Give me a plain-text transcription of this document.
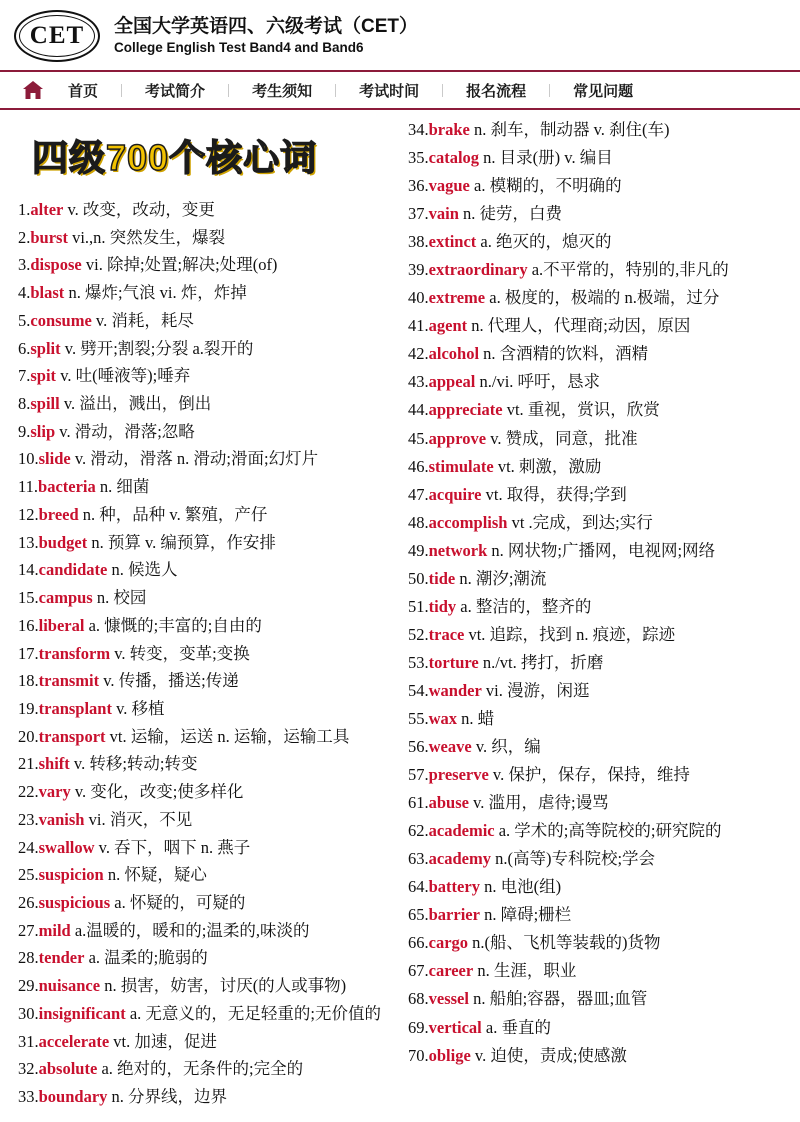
CET 全国大学英语四、六级考试（CET）
College English Test Band4 and Band6
首页	|	考试简介	|	考生须知	|	考试时间	|	报名流程	|	常见问题
四级700个核心词
1.alter v. 改变，改动，变更
2.burst vi.,n. 突然发生，爆裂
3.dispose vi. 除掉;处置;解决;处理(of)
4.blast n. 爆炸;气浪 vi. 炸，炸掉
5.consume v. 消耗，耗尽
6.split v. 劈开;割裂;分裂 a.裂开的
7.spit v. 吐(唾液等);唾弃
8.spill v. 溢出，溅出，倒出
9.slip v. 滑动，滑落;忽略
10.slide v. 滑动，滑落 n. 滑动;滑面;幻灯片
11.bacteria n. 细菌
12.breed n. 种，品种 v. 繁殖，产仔
13.budget n. 预算 v. 编预算，作安排
14.candidate n. 候选人
15.campus n. 校园
16.liberal a. 慷慨的;丰富的;自由的
17.transform v. 转变，变革;变换
18.transmit v. 传播，播送;传递
19.transplant v. 移植
20.transport vt. 运输，运送 n. 运输，运输工具
21.shift v. 转移;转动;转变
22.vary v. 变化，改变;使多样化
23.vanish vi. 消灭，不见
24.swallow v. 吞下，咽下 n. 燕子
25.suspicion n. 怀疑，疑心
26.suspicious a. 怀疑的，可疑的
27.mild a.温暖的，暖和的;温柔的,味淡的
28.tender a. 温柔的;脆弱的
29.nuisance n. 损害，妨害，讨厌(的人或事物)
30.insignificant a. 无意义的，无足轻重的;无价值的
31.accelerate vt. 加速，促进
32.absolute a. 绝对的，无条件的;完全的
33.boundary n. 分界线，边界
34.brake n. 刹车，制动器 v. 刹住(车)
35.catalog n. 目录(册) v. 编目
36.vague a. 模糊的，不明确的
37.vain n. 徒劳，白费
38.extinct a. 绝灭的，熄灭的
39.extraordinary a.不平常的，特别的,非凡的
40.extreme a. 极度的，极端的 n.极端，过分
41.agent n. 代理人，代理商;动因，原因
42.alcohol n. 含酒精的饮料，酒精
43.appeal n./vi. 呼吁，恳求
44.appreciate vt. 重视，赏识，欣赏
45.approve v. 赞成，同意，批准
46.stimulate vt. 刺激，激励
47.acquire vt. 取得，获得;学到
48.accomplish vt .完成，到达;实行
49.network n. 网状物;广播网，电视网;网络
50.tide n. 潮汐;潮流
51.tidy a. 整洁的，整齐的
52.trace vt. 追踪，找到 n. 痕迹，踪迹
53.torture n./vt. 拷打，折磨
54.wander vi. 漫游，闲逛
55.wax n. 蜡
56.weave v. 织，编
57.preserve v. 保护，保存，保持，维持
61.abuse v. 滥用，虐待;谩骂
62.academic a. 学术的;高等院校的;研究院的
63.academy n.(高等)专科院校;学会
64.battery n. 电池(组)
65.barrier n. 障碍;栅栏
66.cargo n.(船、飞机等装载的)货物
67.career n. 生涯，职业
68.vessel n. 船舶;容器，器皿;血管
69.vertical a. 垂直的
70.oblige v. 迫使，责成;使感激
